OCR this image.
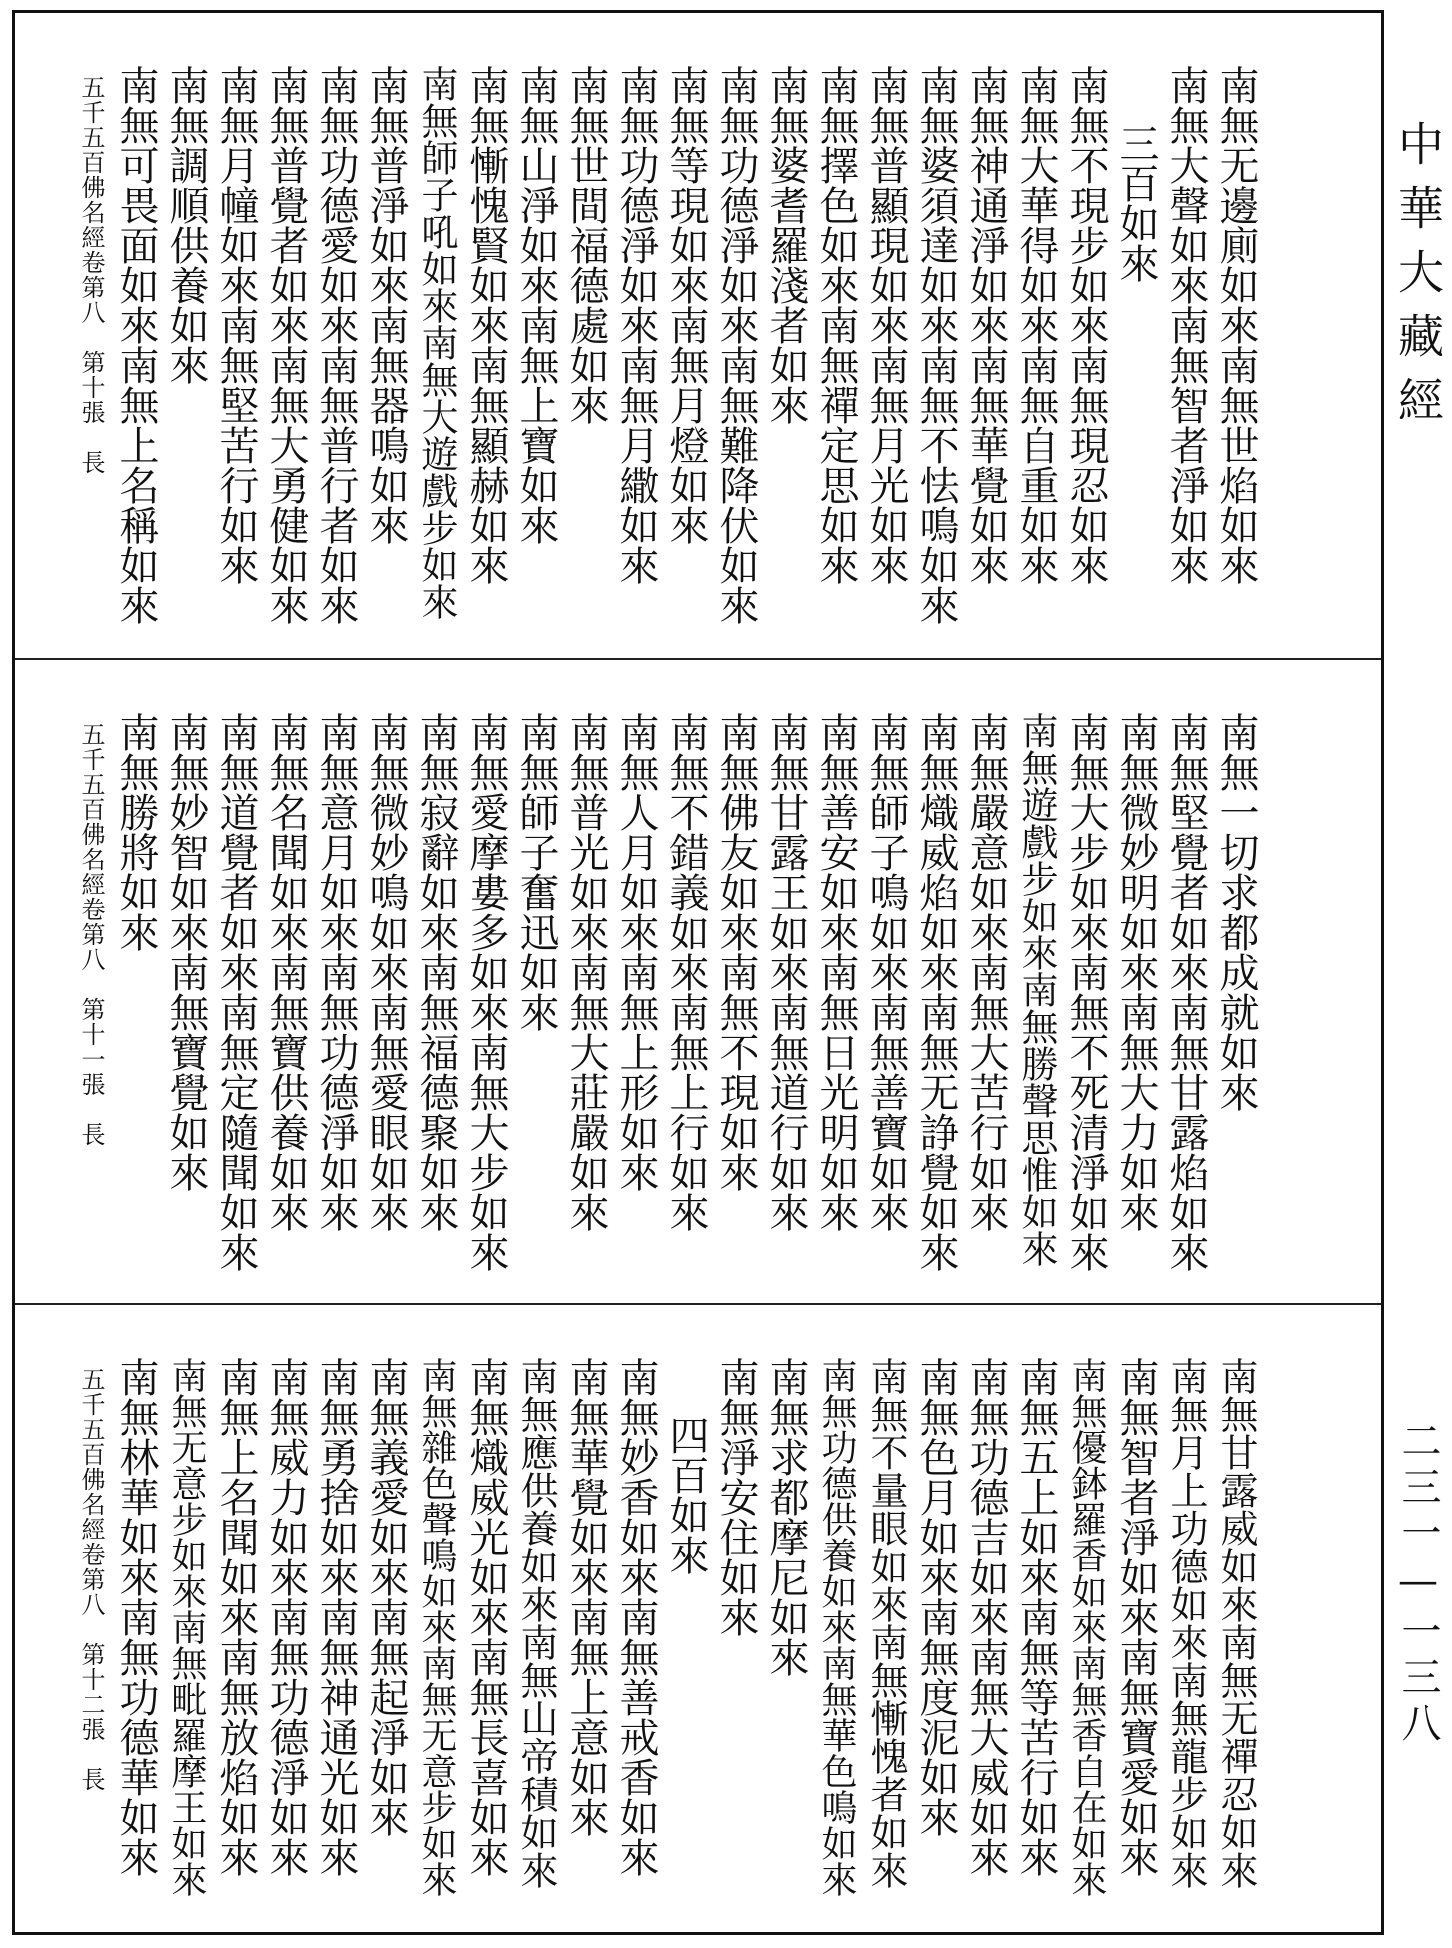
南無无邊廁如來
南無世焰如來
南無大聲如來
南無智者淨如來
三百如來
南無不現步如來
南無現忍如來
南無大華得如來
南無自重如來
南無神通淨如來
南無華覺如來
南無婆須達如來
南無不怯鳴如來
南無普顯現如來
南無月光如來
南無擇色如來
南無禪定思如來
南無婆耆羅淺者如來
南無功德淨如來
南無難降伏如來
南無等現如來
南無月燈如來
南無功德淨如來
南無月繖如來
南無世間福德處如來
南無山淨如來
南無上寶如來
南無慚愧賢如來
南無顯赫如來
南無師子吼如來
南無大遊戲步如來
南無普淨如來
南無器鳴如來
南無功德愛如來
南無普行者如來
南無普覺者如來
南無大勇健如來
南無月幢如來
南無堅苦行如來
南無調順供養如來
南無可畏面如來
南無上名稱如來
五千五百佛名經卷第八　第十張　長
南無一切求都成就如來
南無堅覺者如來
南無甘露焰如來
南無微妙明如來
南無大力如來
南無大步如來
南無不死清淨如來
南無遊戲步如來
南無勝聲思惟如來
南無嚴意如來
南無大苦行如來
南無熾威焰如來
南無无諍覺如來
南無師子鳴如來
南無善寶如來
南無善安如來
南無日光明如來
南無甘露王如來
南無道行如來
南無佛友如來
南無不現如來
南無不錯義如來
南無上行如來
南無人月如來
南無上形如來
南無普光如來
南無大莊嚴如來
南無師子奮迅如來
南無愛摩婁多如來
南無大步如來
南無寂辭如來
南無福德聚如來
南無微妙鳴如來
南無愛眼如來
南無意月如來
南無功德淨如來
南無名聞如來
南無寶供養如來
南無道覺者如來
南無定隨聞如來
南無妙智如來
南無寶覺如來
南無勝將如來
五千五百佛名經卷第八　第十一張　長
南無甘露威如來
南無无禪忍如來
南無月上功德如來
南無龍步如來
南無智者淨如來
南無寶愛如來
南無優鉢羅香如來
南無香自在如來
南無五上如來
南無等苦行如來
南無功德吉如來
南無大威如來
南無色月如來
南無度泥如來
南無不量眼如來
南無慚愧者如來
南無功德供養如來
南無華色鳴如來
南無求都摩尼如來
南無淨安住如來
四百如來
南無妙香如來
南無善戒香如來
南無華覺如來
南無上意如來
南無應供養如來
南無山帝積如來
南無熾威光如來
南無長喜如來
南無雜色聲鳴如來
南無无意步如來
南無義愛如來
南無起淨如來
南無勇捨如來
南無神通光如來
南無威力如來
南無功德淨如來
南無上名聞如來
南無放焰如來
南無无意步如來
南無毗羅摩王如來
南無林華如來
南無功德華如來
五千五百佛名經卷第八　第十二張　長
中華大藏經
二三一—一三八
